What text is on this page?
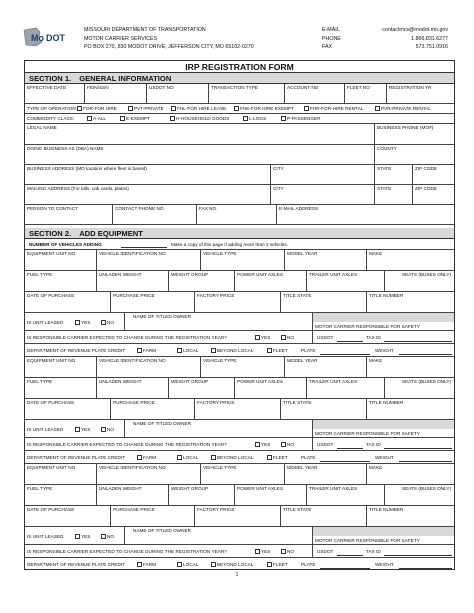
Mo DOT
MISSOURI DEPARTMENT OF TRANSPORTATION
MOTOR CARRIER SERVICES
PO BOX 270, 830 MODOT DRIVE, JEFFERSON CITY, MO 65102-0270
E-MAIL
PHONE
FAX
contactmcs@modot.mo.gov
1.866.831.6277
573.751.0916
IRP REGISTRATION FORM
SECTION 1. GENERAL INFORMATION
EFFECTIVE DATE	FEIN/SSN	USDOT NO	TRANSACTION TYPE	ACCOUNT NO	FLEET NO	REGISTRATION YR
TYPE OF OPERATION:	FOR-FOR HIRE	PVT-PRIVATE	FHL-FOR HIRE LEASE	FHE-FOR HIRE EXEMPT	FHR-FOR-HIRE RENTAL	PVR-PRIVATE RENTAL
COMMODITY CLASS:	A-ALL	E-EXEMPT	H-HOUSEHOLD GOODS	L-LOGS	P-PASSENGER
LEGAL NAME	BUSINESS PHONE (MO#)
DOING BUSINESS AS (DBA) NAME	COUNTY
BUSINESS ADDRESS (MO location where fleet is based)	CITY	STATE	ZIP CODE
MAILING ADDRESS (For bills, cab cards, plates)	CITY	STATE	ZIP CODE
PERSON TO CONTACT	CONTACT PHONE NO.	FAX NO.	E-MAIL ADDRESS
SECTION 2. ADD EQUIPMENT
NUMBER OF VEHICLES ADDING	Make a copy of this page if adding more than 3 vehicles.
EQUIPMENT UNIT NO	VEHICLE IDENTIFICATION NO	VEHICLE TYPE	MODEL YEAR	MAKE
FUEL TYPE	UNLADEN WEIGHT	WEIGHT GROUP	POWER UNIT AXLES	TRAILER UNIT AXLES	SEATS (BUSES ONLY)
DATE OF PURCHASE	PURCHASE PRICE	FACTORY PRICE	TITLE STATE	TITLE NUMBER
IS UNIT LEASED	YES	NO
NAME OF TITLED OWNER
MOTOR CARRIER RESPONSIBLE FOR SAFETY
IS RESPONSIBLE CARRIER EXPECTED TO CHANGE DURING THE REGISTRATION YEAR?	YES	NO	USDOT	TAX ID
DEPARTMENT OF REVENUE PLATE CREDIT	FARM	LOCAL	BEYOND LOCAL	FLEET	PLATE	WEIGHT
EQUIPMENT UNIT NO	VEHICLE IDENTIFICATION NO	VEHICLE TYPE	MODEL YEAR	MAKE
FUEL TYPE	UNLADEN WEIGHT	WEIGHT GROUP	POWER UNIT AXLES	TRAILER UNIT AXLES	SEATS (BUSES ONLY)
DATE OF PURCHASE	PURCHASE PRICE	FACTORY PRICE	TITLE STATE	TITLE NUMBER
IS UNIT LEASED	YES	NO
NAME OF TITLED OWNER
MOTOR CARRIER RESPONSIBLE FOR SAFETY
IS RESPONSIBLE CARRIER EXPECTED TO CHANGE DURING THE REGISTRATION YEAR?	YES	NO	USDOT	TAX ID
DEPARTMENT OF REVENUE PLATE CREDIT	FARM	LOCAL	BEYOND LOCAL	FLEET	PLATE	WEIGHT
EQUIPMENT UNIT NO	VEHICLE IDENTIFICATION NO	VEHICLE TYPE	MODEL YEAR	MAKE
FUEL TYPE	UNLADEN WEIGHT	WEIGHT GROUP	POWER UNIT AXLES	TRAILER UNIT AXLES	SEATS (BUSES ONLY)
DATE OF PURCHASE	PURCHASE PRICE	FACTORY PRICE	TITLE STATE	TITLE NUMBER
IS UNIT LEASED	YES	NO
NAME OF TITLED OWNER
MOTOR CARRIER RESPONSIBLE FOR SAFETY
IS RESPONSIBLE CARRIER EXPECTED TO CHANGE DURING THE REGISTRATION YEAR?	YES	NO	USDOT	TAX ID
DEPARTMENT OF REVENUE PLATE CREDIT	FARM	LOCAL	BEYOND LOCAL	FLEET	PLATE	WEIGHT
1
